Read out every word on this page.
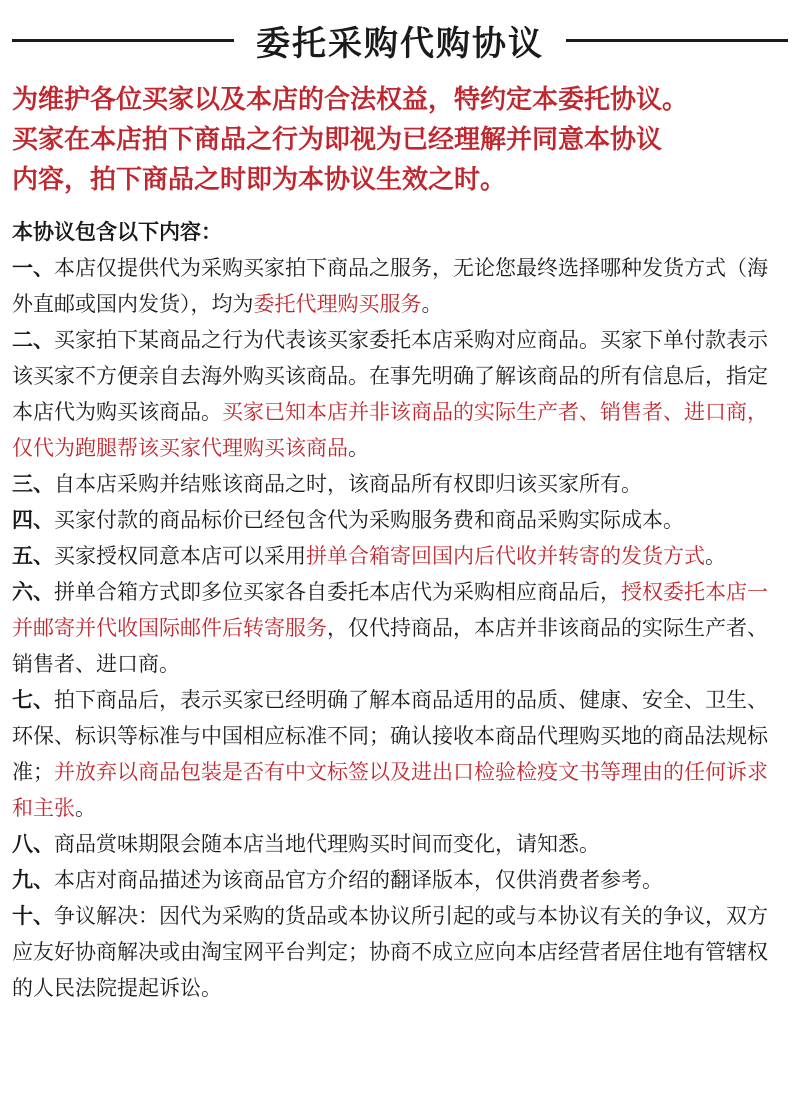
委托采购代购协议

为维护各位买家以及本店的合法权益，特约定本委托协议。

买家在本店拍下商品之行为即视为已经理解并同意本协议

内容，拍下商品之时即为本协议生效之时。

本协议包含以下内容：

一、本店仅提供代为采购买家拍下商品之服务，无论您最终选择哪种发货方式（海外直邮或国内发货），均为委托代理购买服务。

二、买家拍下某商品之行为代表该买家委托本店采购对应商品。买家下单付款表示该买家不方便亲自去海外购买该商品。在事先明确了解该商品的所有信息后，指定本店代为购买该商品。买家已知本店并非该商品的实际生产者、销售者、进口商，仅代为跑腿帮该买家代理购买该商品。

三、自本店采购并结账该商品之时，该商品所有权即归该买家所有。

四、买家付款的商品标价已经包含代为采购服务费和商品采购实际成本。

五、买家授权同意本店可以采用拼单合箱寄回国内后代收并转寄的发货方式。

六、拼单合箱方式即多位买家各自委托本店代为采购相应商品后，授权委托本店一并邮寄并代收国际邮件后转寄服务，仅代持商品，本店并非该商品的实际生产者、销售者、进口商。

七、拍下商品后，表示买家已经明确了解本商品适用的品质、健康、安全、卫生、环保、标识等标准与中国相应标准不同；确认接收本商品代理购买地的商品法规标准；并放弃以商品包装是否有中文标签以及进出口检验检疫文书等理由的任何诉求和主张。

八、商品赏味期限会随本店当地代理购买时间而变化，请知悉。

九、本店对商品描述为该商品官方介绍的翻译版本，仅供消费者参考。

十、争议解决：因代为采购的货品或本协议所引起的或与本协议有关的争议，双方应友好协商解决或由淘宝网平台判定；协商不成立应向本店经营者居住地有管辖权的人民法院提起诉讼。
